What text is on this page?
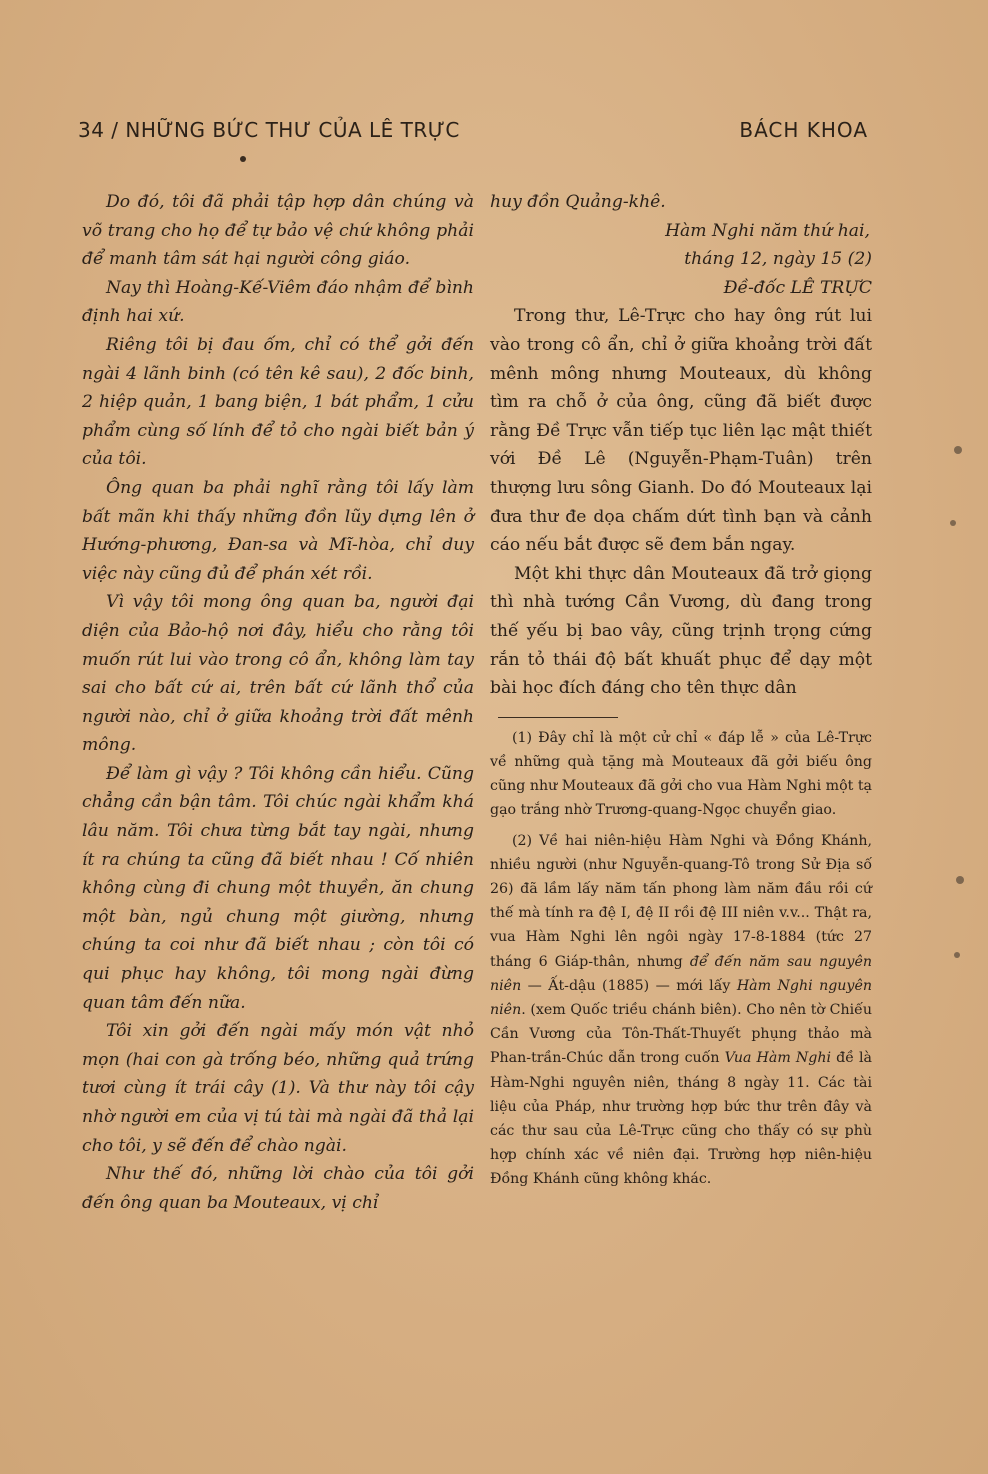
34 / NHỮNG BỨC THƯ CỦA LÊ TRỰC	BÁCH KHOA

Do đó, tôi đã phải tập hợp dân chúng và võ trang cho họ để tự bảo vệ chứ không phải để manh tâm sát hại người công giáo.

Nay thì Hoàng-Kế-Viêm đáo nhậm để bình định hai xứ.

Riêng tôi bị đau ốm, chỉ có thể gởi đến ngài 4 lãnh binh (có tên kê sau), 2 đốc binh, 2 hiệp quản, 1 bang biện, 1 bát phẩm, 1 cửu phẩm cùng số lính để tỏ cho ngài biết bản ý của tôi.

Ông quan ba phải nghĩ rằng tôi lấy làm bất mãn khi thấy những đồn lũy dựng lên ở Hướng-phương, Đan-sa và Mĩ-hòa, chỉ duy việc này cũng đủ để phán xét rồi.

Vì vậy tôi mong ông quan ba, người đại diện của Bảo-hộ nơi đây, hiểu cho rằng tôi muốn rút lui vào trong cô ẩn, không làm tay sai cho bất cứ ai, trên bất cứ lãnh thổ của người nào, chỉ ở giữa khoảng trời đất mênh mông.

Để làm gì vậy ? Tôi không cần hiểu. Cũng chẳng cần bận tâm. Tôi chúc ngài khẩm khá lâu năm. Tôi chưa từng bắt tay ngài, nhưng ít ra chúng ta cũng đã biết nhau ! Cố nhiên không cùng đi chung một thuyền, ăn chung một bàn, ngủ chung một giường, nhưng chúng ta coi như đã biết nhau ; còn tôi có qui phục hay không, tôi mong ngài đừng quan tâm đến nữa.

Tôi xin gởi đến ngài mấy món vật nhỏ mọn (hai con gà trống béo, những quả trứng tươi cùng ít trái cây (1). Và thư này tôi cậy nhờ người em của vị tú tài mà ngài đã thả lại cho tôi, y sẽ đến để chào ngài.

Như thế đó, những lời chào của tôi gởi đến ông quan ba Mouteaux, vị chỉ

huy đồn Quảng-khê.

Hàm Nghi năm thứ hai,

tháng 12, ngày 15 (2)

Đề-đốc LÊ TRỰC

Trong thư, Lê-Trực cho hay ông rút lui vào trong cô ẩn, chỉ ở giữa khoảng trời đất mênh mông nhưng Mouteaux, dù không tìm ra chỗ ở của ông, cũng đã biết được rằng Đề Trực vẫn tiếp tục liên lạc mật thiết với Đề Lê (Nguyễn-Phạm-Tuân) trên thượng lưu sông Gianh. Do đó Mouteaux lại đưa thư đe dọa chấm dứt tình bạn và cảnh cáo nếu bắt được sẽ đem bắn ngay.

Một khi thực dân Mouteaux đã trở giọng thì nhà tướng Cần Vương, dù đang trong thế yếu bị bao vây, cũng trịnh trọng cứng rắn tỏ thái độ bất khuất phục để dạy một bài học đích đáng cho tên thực dân

(1) Đây chỉ là một cử chỉ « đáp lễ » của Lê-Trực về những quà tặng mà Mouteaux đã gởi biếu ông cũng như Mouteaux đã gởi cho vua Hàm Nghi một tạ gạo trắng nhờ Trương-quang-Ngọc chuyển giao.

(2) Về hai niên-hiệu Hàm Nghi và Đồng Khánh, nhiều người (như Nguyễn-quang-Tô trong Sử Địa số 26) đã lầm lấy năm tấn phong làm năm đầu rồi cứ thế mà tính ra đệ I, đệ II rồi đệ III niên v.v... Thật ra, vua Hàm Nghi lên ngôi ngày 17-8-1884 (tức 27 tháng 6 Giáp-thân, nhưng để đến năm sau nguyên niên — Ất-dậu (1885) — mới lấy Hàm Nghi nguyên niên. (xem Quốc triều chánh biên). Cho nên tờ Chiếu Cần Vương của Tôn-Thất-Thuyết phụng thảo mà Phan-trần-Chúc dẫn trong cuốn Vua Hàm Nghi đề là Hàm-Nghi nguyên niên, tháng 8 ngày 11. Các tài liệu của Pháp, như trường hợp bức thư trên đây và các thư sau của Lê-Trực cũng cho thấy có sự phù hợp chính xác về niên đại. Trường hợp niên-hiệu Đồng Khánh cũng không khác.
